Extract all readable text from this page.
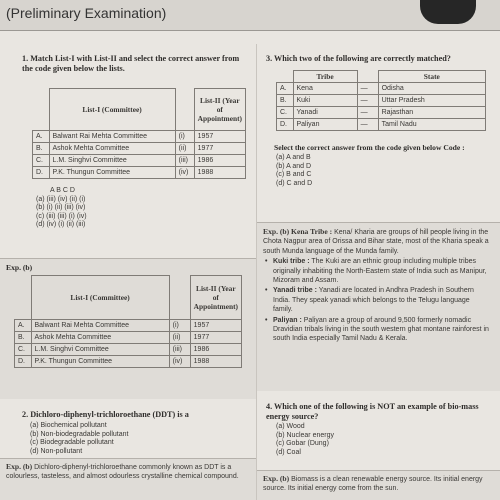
(Preliminary Examination)
1. Match List-I with List-II and select the correct answer from the code given below the lists.
	List-I (Committee)		List-II (Year of Appointment)
A.	Balwant Rai Mehta Committee	(i)	1957
B.	Ashok Mehta Committee	(ii)	1977
C.	L.M. Singhvi Committee	(iii)	1986
D.	P.K. Thungun Committee	(iv)	1988
A B C D
(a) (iii) (iv) (ii) (i)
(b) (i) (ii) (iii) (iv)
(c) (iii) (iii) (i) (iv)
(d) (iv) (i) (ii) (iii)
Exp. (b)
	List-I (Committee)		List-II (Year of Appointment)
A.	Balwant Rai Mehta Committee	(i)	1957
B.	Ashok Mehta Committee	(ii)	1977
C.	L.M. Singhvi Committee	(iii)	1986
D.	P.K. Thungun Committee	(iv)	1988
2. Dichloro-diphenyl-trichloroethane (DDT) is a
(a) Biochemical pollutant
(b) Non-biodegradable pollutant
(c) Biodegradable pollutant
(d) Non-pollutant
Exp. (b) Dichloro-diphenyl-trichloroethane commonly known as DDT is a colourless, tasteless, and almost odourless crystalline chemical compound.
3. Which two of the following are correctly matched?
	Tribe		State
A.	Kena	—	Odisha
B.	Kuki	—	Uttar Pradesh
C.	Yanadi	—	Rajasthan
D.	Paliyan	—	Tamil Nadu
Select the correct answer from the code given below Code :
(a) A and B
(b) A and D
(c) B and C
(d) C and D
Exp. (b) Kena Tribe : Kena/ Kharia are groups of hill people living in the Chota Nagpur area of Orissa and Bihar state, most of the Kharia speak a south Munda language of the Munda family.
• Kuki tribe : The Kuki are an ethnic group including multiple tribes originally inhabiting the North-Eastern state of India such as Manipur, Mizoram and Assam.
• Yanadi tribe : Yanadi are located in Andhra Pradesh in Southern India. They speak yanadi which belongs to the Telugu language family.
• Paliyan : Paliyan are a group of around 9,500 formerly nomadic Dravidian tribals living in the south western ghat montane rainforest in south India especially Tamil Nadu & Kerala.
4. Which one of the following is NOT an example of bio-mass energy source?
(a) Wood
(b) Nuclear energy
(c) Gobar (Dung)
(d) Coal
Exp. (b) Biomass is a clean renewable energy source. Its initial energy source. Its initial energy come from the sun.
